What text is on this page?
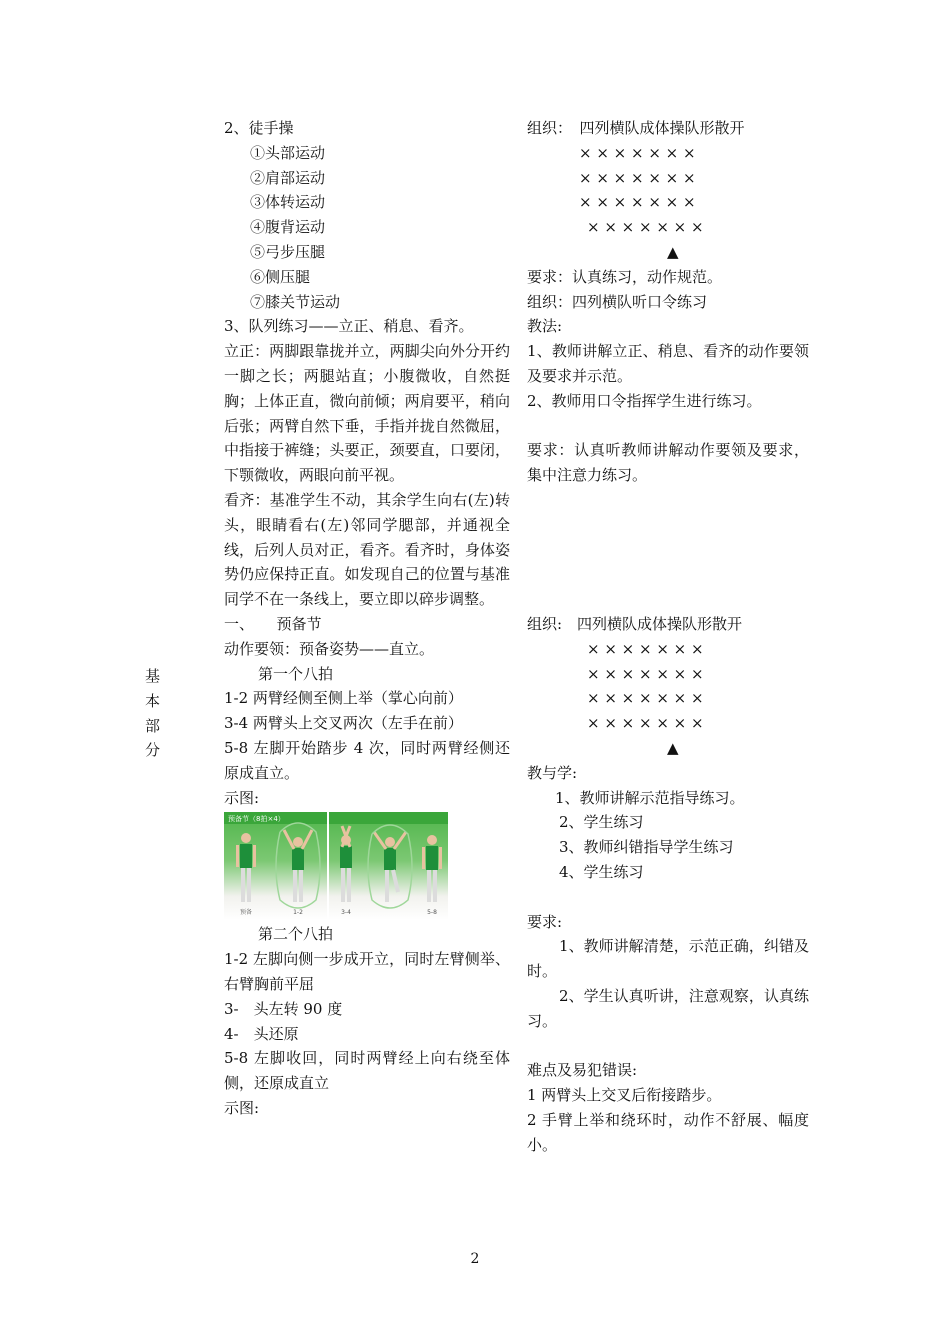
基
本
部
分
2、徒手操
①头部运动
②肩部运动
③体转运动
④腹背运动
⑤弓步压腿
⑥侧压腿
⑦膝关节运动
3、队列练习——立正、稍息、看齐。
立正：两脚跟靠拢并立，两脚尖向外分开约一脚之长；两腿站直；小腹微收，自然挺胸；上体正直，微向前倾；两肩要平，稍向后张；两臂自然下垂，手指并拢自然微屈，中指接于裤缝；头要正，颈要直，口要闭，下颚微收，两眼向前平视。
看齐：基准学生不动，其余学生向右(左)转头，眼睛看右(左)邻同学腮部，并通视全线，后列人员对正，看齐。看齐时，身体姿势仍应保持正直。如发现自己的位置与基准同学不在一条线上，要立即以碎步调整。
一、　　预备节
动作要领：预备姿势——直立。
第一个八拍
1-2 两臂经侧至侧上举（掌心向前）
3-4 两臂头上交叉两次（左手在前）
5-8 左脚开始踏步 4 次，同时两臂经侧还原成直立。
示图:
预备节（8拍×4）
预备	1-2	3-4	5-8
第二个八拍
1-2 左脚向侧一步成开立，同时左臂侧举、右臂胸前平屈
3-　头左转 90 度
4-　头还原
5-8 左脚收回，同时两臂经上向右绕至体侧，还原成直立
示图:
组织：　四列横队成体操队形散开
× × × × × × ×
× × × × × × ×
× × × × × × ×
× × × × × × ×
▲
要求：认真练习，动作规范。
组织：四列横队听口令练习
教法:
1、教师讲解立正、稍息、看齐的动作要领及要求并示范。
2、教师用口令指挥学生进行练习。
要求：认真听教师讲解动作要领及要求，集中注意力练习。
组织:　四列横队成体操队形散开
× × × × × × ×
× × × × × × ×
× × × × × × ×
× × × × × × ×
▲
教与学:
1、教师讲解示范指导练习。
2、学生练习
3、教师纠错指导学生练习
4、学生练习
要求:
1、教师讲解清楚，示范正确，纠错及时。
2、学生认真听讲，注意观察，认真练习。
难点及易犯错误:
1 两臂头上交叉后衔接踏步。
2 手臂上举和绕环时，动作不舒展、幅度小。
2
